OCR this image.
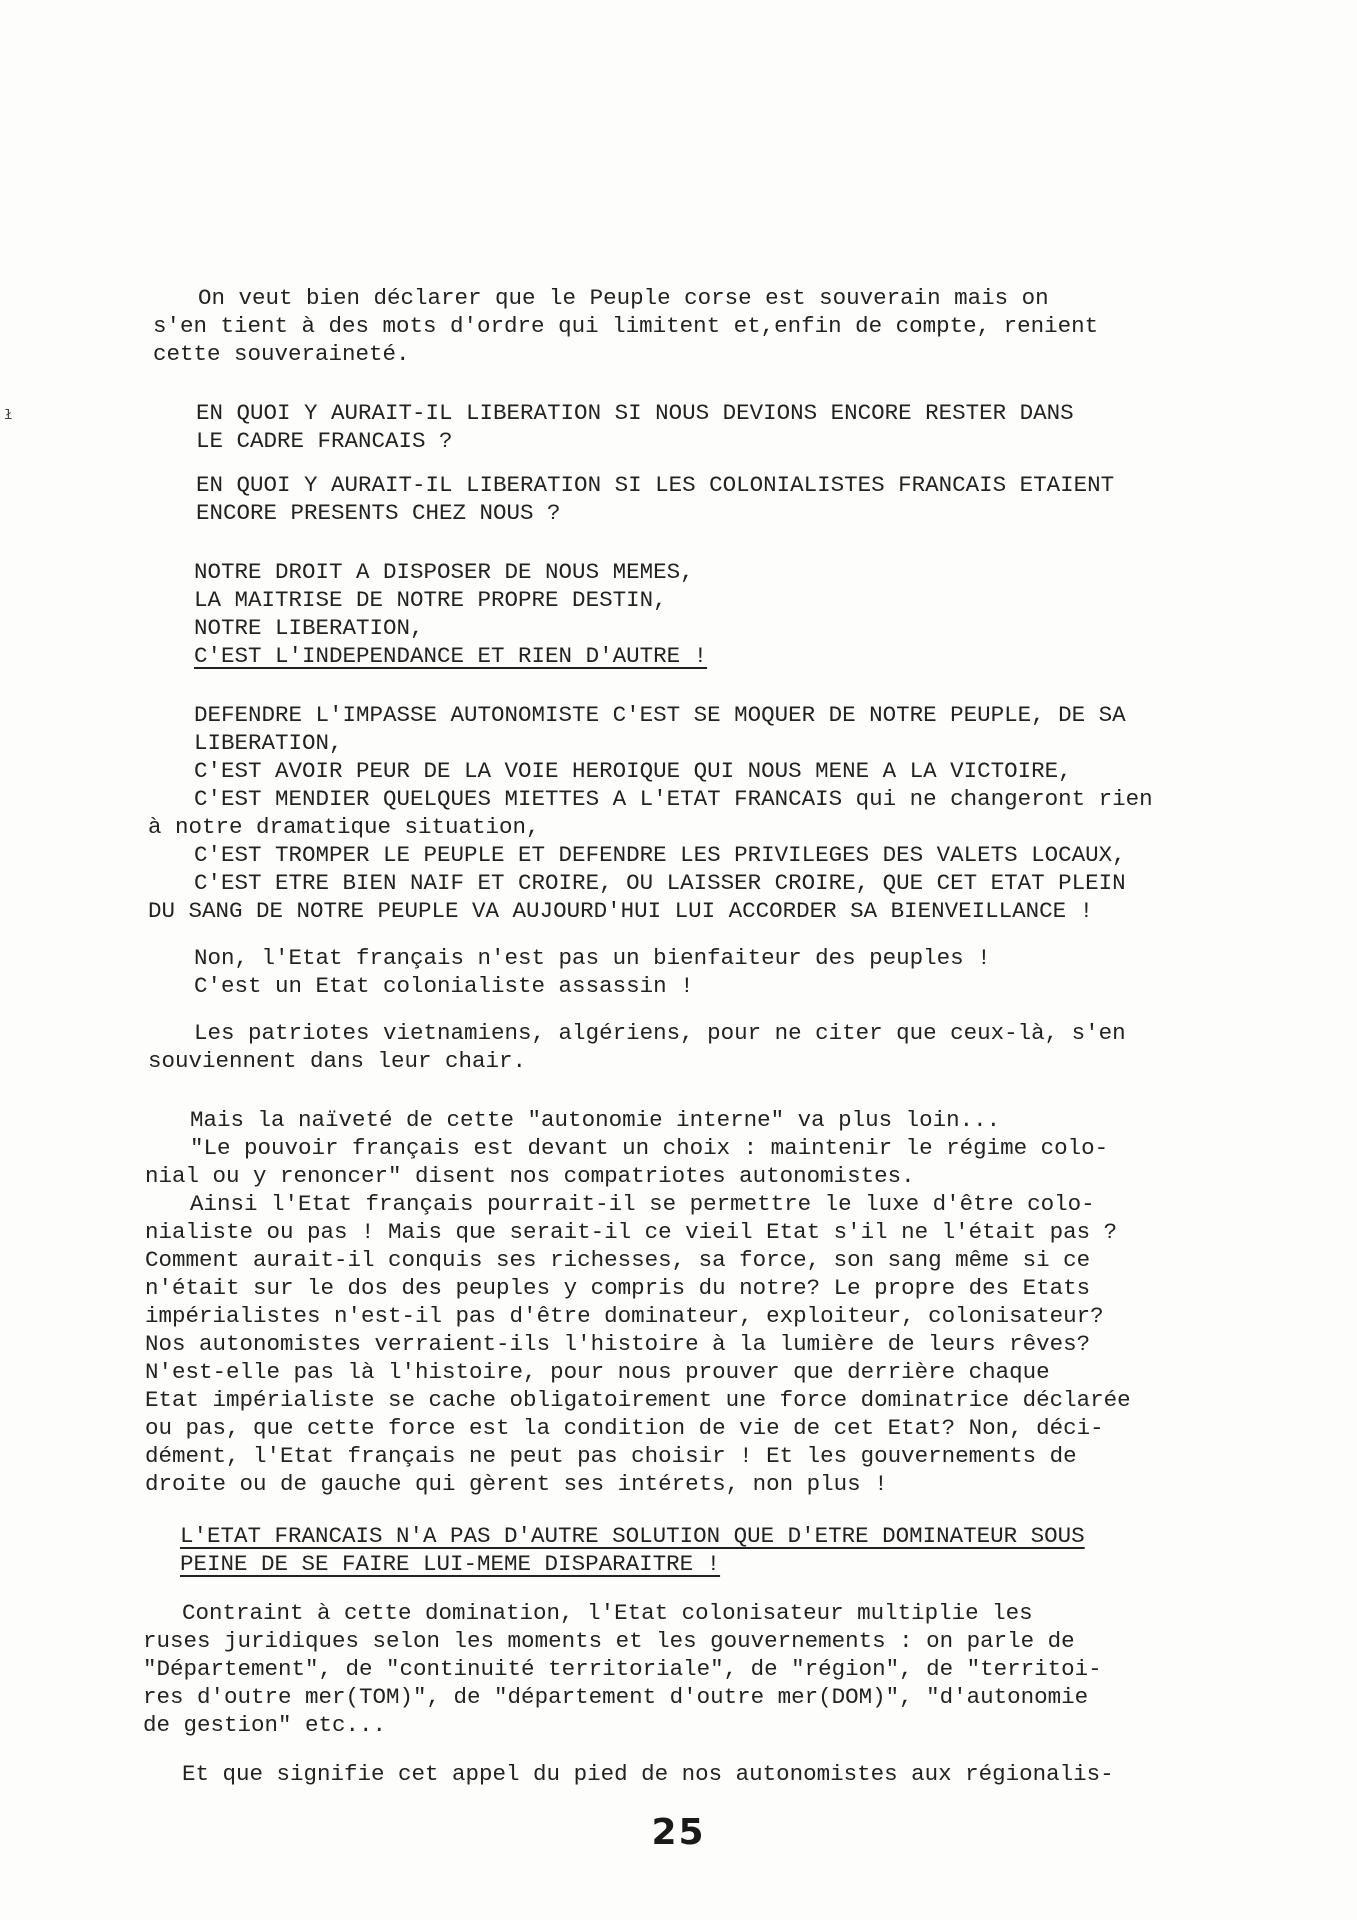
ł
On veut bien déclarer que le Peuple corse est souverain mais on
s'en tient à des mots d'ordre qui limitent et,enfin de compte, renient
cette souveraineté.
EN QUOI Y AURAIT-IL LIBERATION SI NOUS DEVIONS ENCORE RESTER DANS
LE CADRE FRANCAIS ?
EN QUOI Y AURAIT-IL LIBERATION SI LES COLONIALISTES FRANCAIS ETAIENT
ENCORE PRESENTS CHEZ NOUS ?
NOTRE DROIT A DISPOSER DE NOUS MEMES,
LA MAITRISE DE NOTRE PROPRE DESTIN,
NOTRE LIBERATION,
C'EST L'INDEPENDANCE ET RIEN D'AUTRE !
DEFENDRE L'IMPASSE AUTONOMISTE C'EST SE MOQUER DE NOTRE PEUPLE, DE SA
LIBERATION,
C'EST AVOIR PEUR DE LA VOIE HEROIQUE QUI NOUS MENE A LA VICTOIRE,
C'EST MENDIER QUELQUES MIETTES A L'ETAT FRANCAIS qui ne changeront rien
à notre dramatique situation,
C'EST TROMPER LE PEUPLE ET DEFENDRE LES PRIVILEGES DES VALETS LOCAUX,
C'EST ETRE BIEN NAIF ET CROIRE, OU LAISSER CROIRE, QUE CET ETAT PLEIN
DU SANG DE NOTRE PEUPLE VA AUJOURD'HUI LUI ACCORDER SA BIENVEILLANCE !
Non, l'Etat français n'est pas un bienfaiteur des peuples !
C'est un Etat colonialiste assassin !
Les patriotes vietnamiens, algériens, pour ne citer que ceux-là, s'en
souviennent dans leur chair.
Mais la naïveté de cette "autonomie interne" va plus loin...
"Le pouvoir français est devant un choix : maintenir le régime colo-
nial ou y renoncer" disent nos compatriotes autonomistes.
Ainsi l'Etat français pourrait-il se permettre le luxe d'être colo-
nialiste ou pas ! Mais que serait-il ce vieil Etat s'il ne l'était pas ?
Comment aurait-il conquis ses richesses, sa force, son sang même si ce
n'était sur le dos des peuples y compris du notre? Le propre des Etats
impérialistes n'est-il pas d'être dominateur, exploiteur, colonisateur?
Nos autonomistes verraient-ils l'histoire à la lumière de leurs rêves?
N'est-elle pas là l'histoire, pour nous prouver que derrière chaque
Etat impérialiste se cache obligatoirement une force dominatrice déclarée
ou pas, que cette force est la condition de vie de cet Etat? Non, déci-
dément, l'Etat français ne peut pas choisir ! Et les gouvernements de
droite ou de gauche qui gèrent ses intérets, non plus !
L'ETAT FRANCAIS N'A PAS D'AUTRE SOLUTION QUE D'ETRE DOMINATEUR SOUS
PEINE DE SE FAIRE LUI-MEME DISPARAITRE !
Contraint à cette domination, l'Etat colonisateur multiplie les
ruses juridiques selon les moments et les gouvernements : on parle de
"Département", de "continuité territoriale", de "région", de "territoi-
res d'outre mer(TOM)", de "département d'outre mer(DOM)", "d'autonomie
de gestion" etc...
Et que signifie cet appel du pied de nos autonomistes aux régionalis-
25
